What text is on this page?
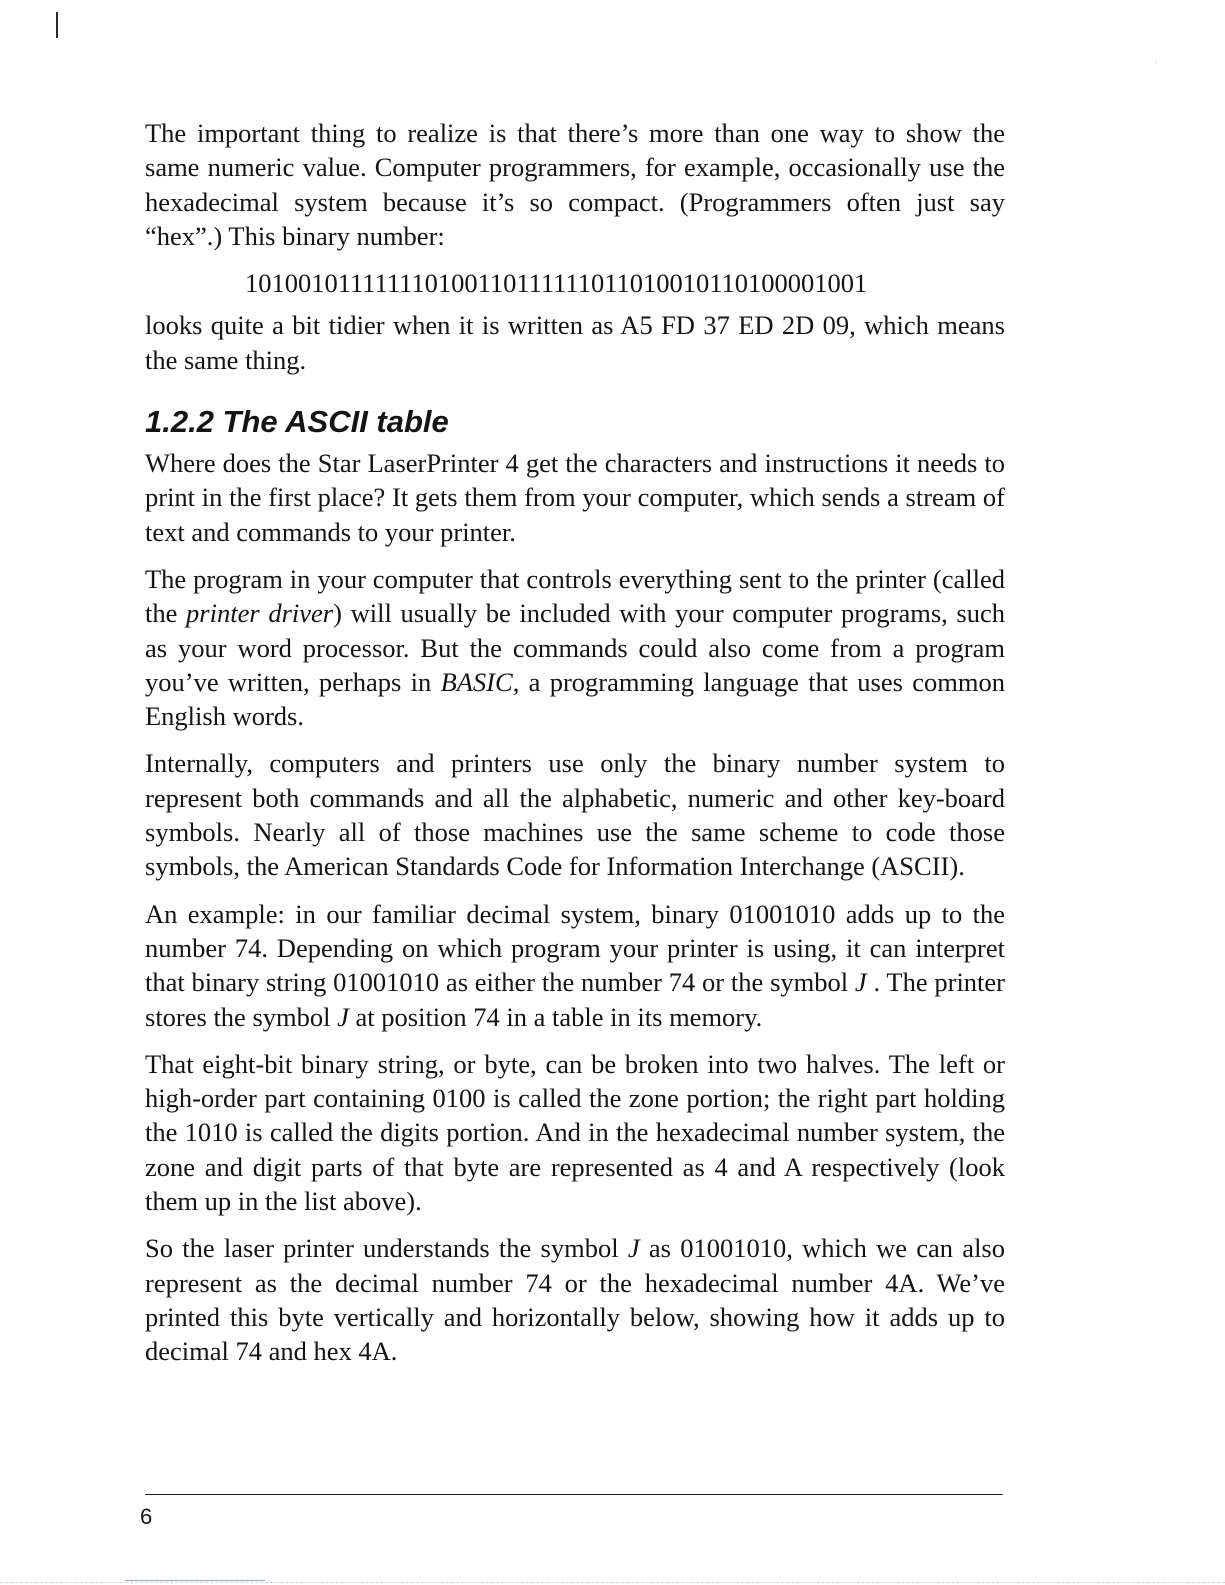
The important thing to realize is that there’s more than one way to show the same numeric value. Computer programmers, for example, occasionally use the hexadecimal system because it’s so compact. (Programmers often just say “hex”.) This binary number:

101001011111110100110111111011010010110100001001

looks quite a bit tidier when it is written as A5 FD 37 ED 2D 09, which means the same thing.

1.2.2 The ASCII table

Where does the Star LaserPrinter 4 get the characters and instructions it needs to print in the first place? It gets them from your computer, which sends a stream of text and commands to your printer.

The program in your computer that controls everything sent to the printer (called the printer driver) will usually be included with your computer programs, such as your word processor. But the commands could also come from a program you’ve written, perhaps in BASIC, a programming language that uses common English words.

Internally, computers and printers use only the binary number system to represent both commands and all the alphabetic, numeric and other key-board symbols. Nearly all of those machines use the same scheme to code those symbols, the American Standards Code for Information Interchange (ASCII).

An example: in our familiar decimal system, binary 01001010 adds up to the number 74. Depending on which program your printer is using, it can interpret that binary string 01001010 as either the number 74 or the symbol J . The printer stores the symbol J at position 74 in a table in its memory.

That eight-bit binary string, or byte, can be broken into two halves. The left or high-order part containing 0100 is called the zone portion; the right part holding the 1010 is called the digits portion. And in the hexadecimal number system, the zone and digit parts of that byte are represented as 4 and A respectively (look them up in the list above).

So the laser printer understands the symbol J as 01001010, which we can also represent as the decimal number 74 or the hexadecimal number 4A. We’ve printed this byte vertically and horizontally below, showing how it adds up to decimal 74 and hex 4A.

6
